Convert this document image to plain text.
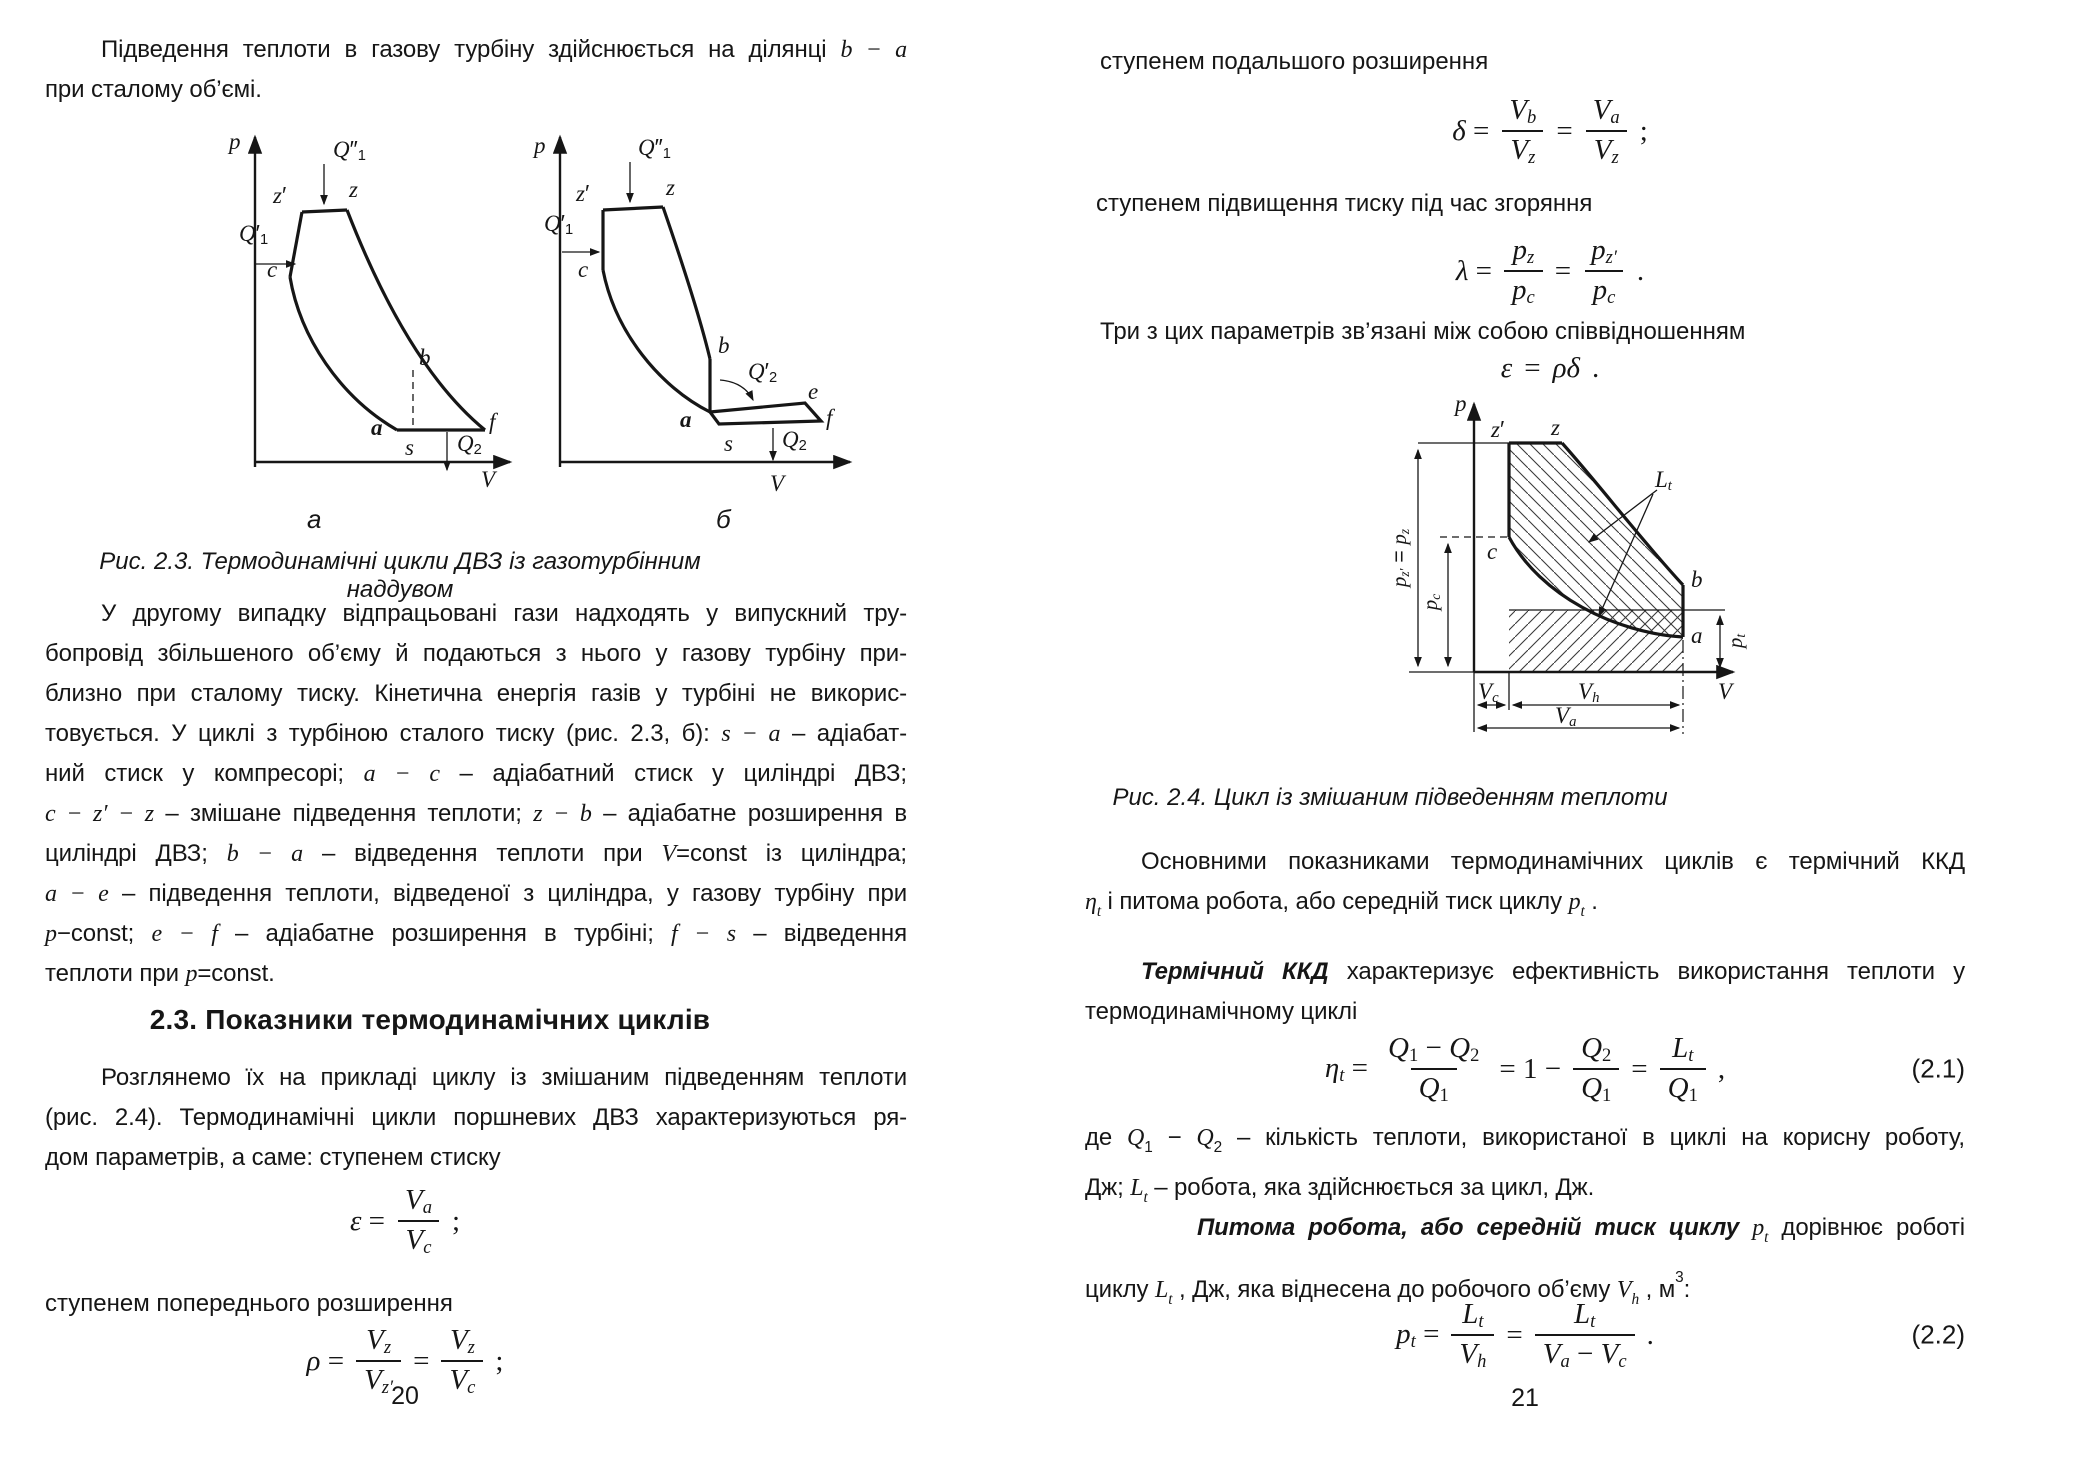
Підведення теплоти в газову турбіну здійснюється на ділянці b − a
при сталому об’ємі.
p
V
z′	z
$Q''_1$
$Q'_1$
c
b
a
s
f
$Q_2$
а
p
V
z′	z
$Q''_1$
$Q'_1$
c
b
a
s
e
f
$Q'_2$
$Q_2$
б
Рис. 2.3. Термодинамічні цикли ДВЗ із газотурбінним наддувом
У другому випадку відпрацьовані гази надходять у випускний тру-
бопровід збільшеного об’єму й подаються з нього у газову турбіну при-
близно при сталому тиску. Кінетична енергія газів у турбіні не викорис-
товується. У циклі з турбіною сталого тиску (рис. 2.3, б): s − a – адіабат-
ний стиск у компресорі; a − c – адіабатний стиск у циліндрі ДВЗ;
c − z′ − z – змішане підведення теплоти; z − b – адіабатне розширення в
циліндрі ДВЗ; b − a – відведення теплоти при V=const із циліндра;
a − e – підведення теплоти, відведеної з циліндра, у газову турбіну при
p−const; e − f – адіабатне розширення в турбіні; f − s – відведення
теплоти при p=const.
2.3. Показники термодинамічних циклів
Розглянемо їх на прикладі циклу із змішаним підведенням теплоти
(рис. 2.4). Термодинамічні цикли поршневих ДВЗ характеризуються ря-
дом параметрів, а саме: ступенем стиску
$\varepsilon = \frac{V_a}{V_c}$ ;
ступенем попереднього розширення
$\rho = \frac{V_z}{V_{z'}} = \frac{V_z}{V_c}$ ;
20
ступенем подальшого розширення
$\delta = \frac{V_b}{V_z} = \frac{V_a}{V_z}$ ;
ступенем підвищення тиску під час згоряння
$\lambda = \frac{p_z}{p_c} = \frac{p_{z'}}{p_c}$ .
Три з цих параметрів зв’язані між собою співвідношенням
ε = ρδ .
p
V
z′ z
c
b
a
$L_t$
$p_{z'} = p_z$
$p_c$
$p_t$
$V_c$	$V_h$
$V_a$
Рис. 2.4. Цикл із змішаним підведенням теплоти
Основними показниками термодинамічних циклів є термічний ККД
$\eta_t$ і питома робота, або середній тиск циклу $p_t$ .
Термічний ККД характеризує ефективність використання теплоти у
термодинамічному циклі
$\eta_t = \frac{Q_1 - Q_2}{Q_1} = 1 - \frac{Q_2}{Q_1} = \frac{L_t}{Q_1}$ ,	(2.1)
де $Q_1 - Q_2$ – кількість теплоти, використаної в циклі на корисну роботу,
Дж; $L_t$ – робота, яка здійснюється за цикл, Дж.
Питома робота, або середній тиск циклу $p_t$ дорівнює роботі
циклу $L_t$ , Дж, яка віднесена до робочого об’єму $V_h$ , $м^3$:
$p_t = \frac{L_t}{V_h} = \frac{L_t}{V_a - V_c}$ .	(2.2)
21
